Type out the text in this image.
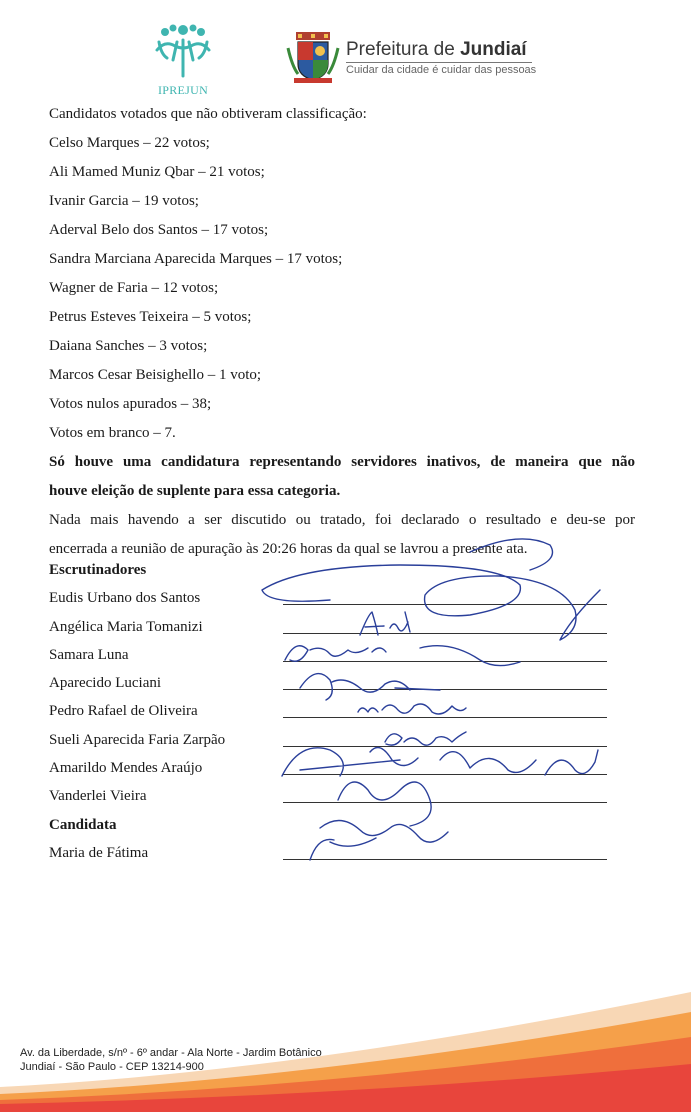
IPREJUN
Prefeitura de Jundiaí
Cuidar da cidade é cuidar das pessoas
Candidatos votados que não obtiveram classificação:
Celso Marques – 22 votos;
Ali Mamed Muniz Qbar – 21 votos;
Ivanir Garcia – 19 votos;
Aderval Belo dos Santos – 17 votos;
Sandra Marciana Aparecida Marques – 17 votos;
Wagner de Faria – 12 votos;
Petrus Esteves Teixeira – 5 votos;
Daiana Sanches – 3 votos;
Marcos Cesar Beisighello – 1 voto;
Votos nulos apurados – 38;
Votos em branco – 7.
Só houve uma candidatura representando servidores inativos, de maneira que não
houve eleição de suplente para essa categoria.
Nada mais havendo a ser discutido ou tratado, foi declarado o resultado e deu-se por
encerrada a reunião de apuração às 20:26 horas da qual se lavrou a presente ata.
Escrutinadores
Eudis Urbano dos Santos
Angélica Maria Tomanizi
Samara Luna
Aparecido Luciani
Pedro Rafael de Oliveira
Sueli Aparecida Faria Zarpão
Amarildo Mendes Araújo
Vanderlei Vieira
Candidata
Maria de Fátima
Av. da Liberdade, s/nº - 6º andar - Ala Norte - Jardim Botânico
Jundiaí - São Paulo - CEP 13214-900
